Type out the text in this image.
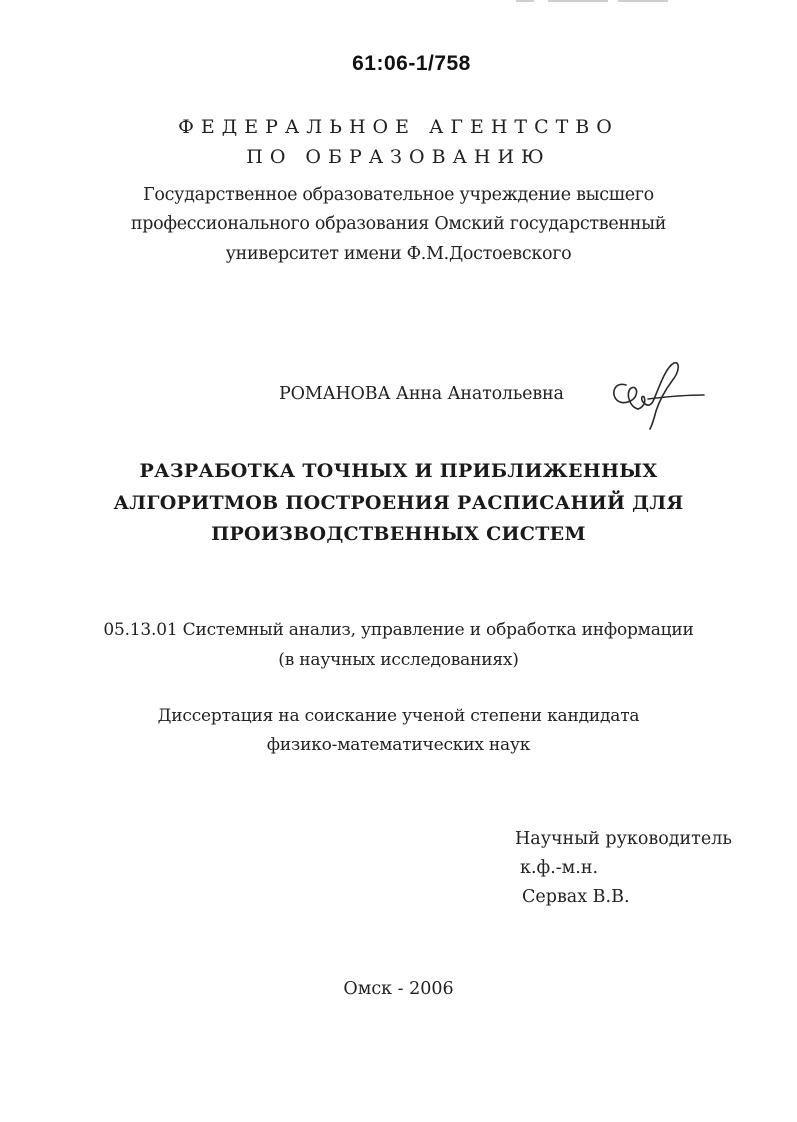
61:06-1/758
ФЕДЕРАЛЬНОЕ АГЕНТСТВО
ПО ОБРАЗОВАНИЮ
Государственное образовательное учреждение высшего
профессионального образования Омский государственный
университет имени Ф.М.Достоевского
РОМАНОВА Анна Анатольевна
РАЗРАБОТКА ТОЧНЫХ И ПРИБЛИЖЕННЫХ
АЛГОРИТМОВ ПОСТРОЕНИЯ РАСПИСАНИЙ ДЛЯ
ПРОИЗВОДСТВЕННЫХ СИСТЕМ
05.13.01 Системный анализ, управление и обработка информации
(в научных исследованиях)
Диссертация на соискание ученой степени кандидата
физико-математических наук
Научный руководитель
к.ф.-м.н.
Сервах В.В.
Омск - 2006
